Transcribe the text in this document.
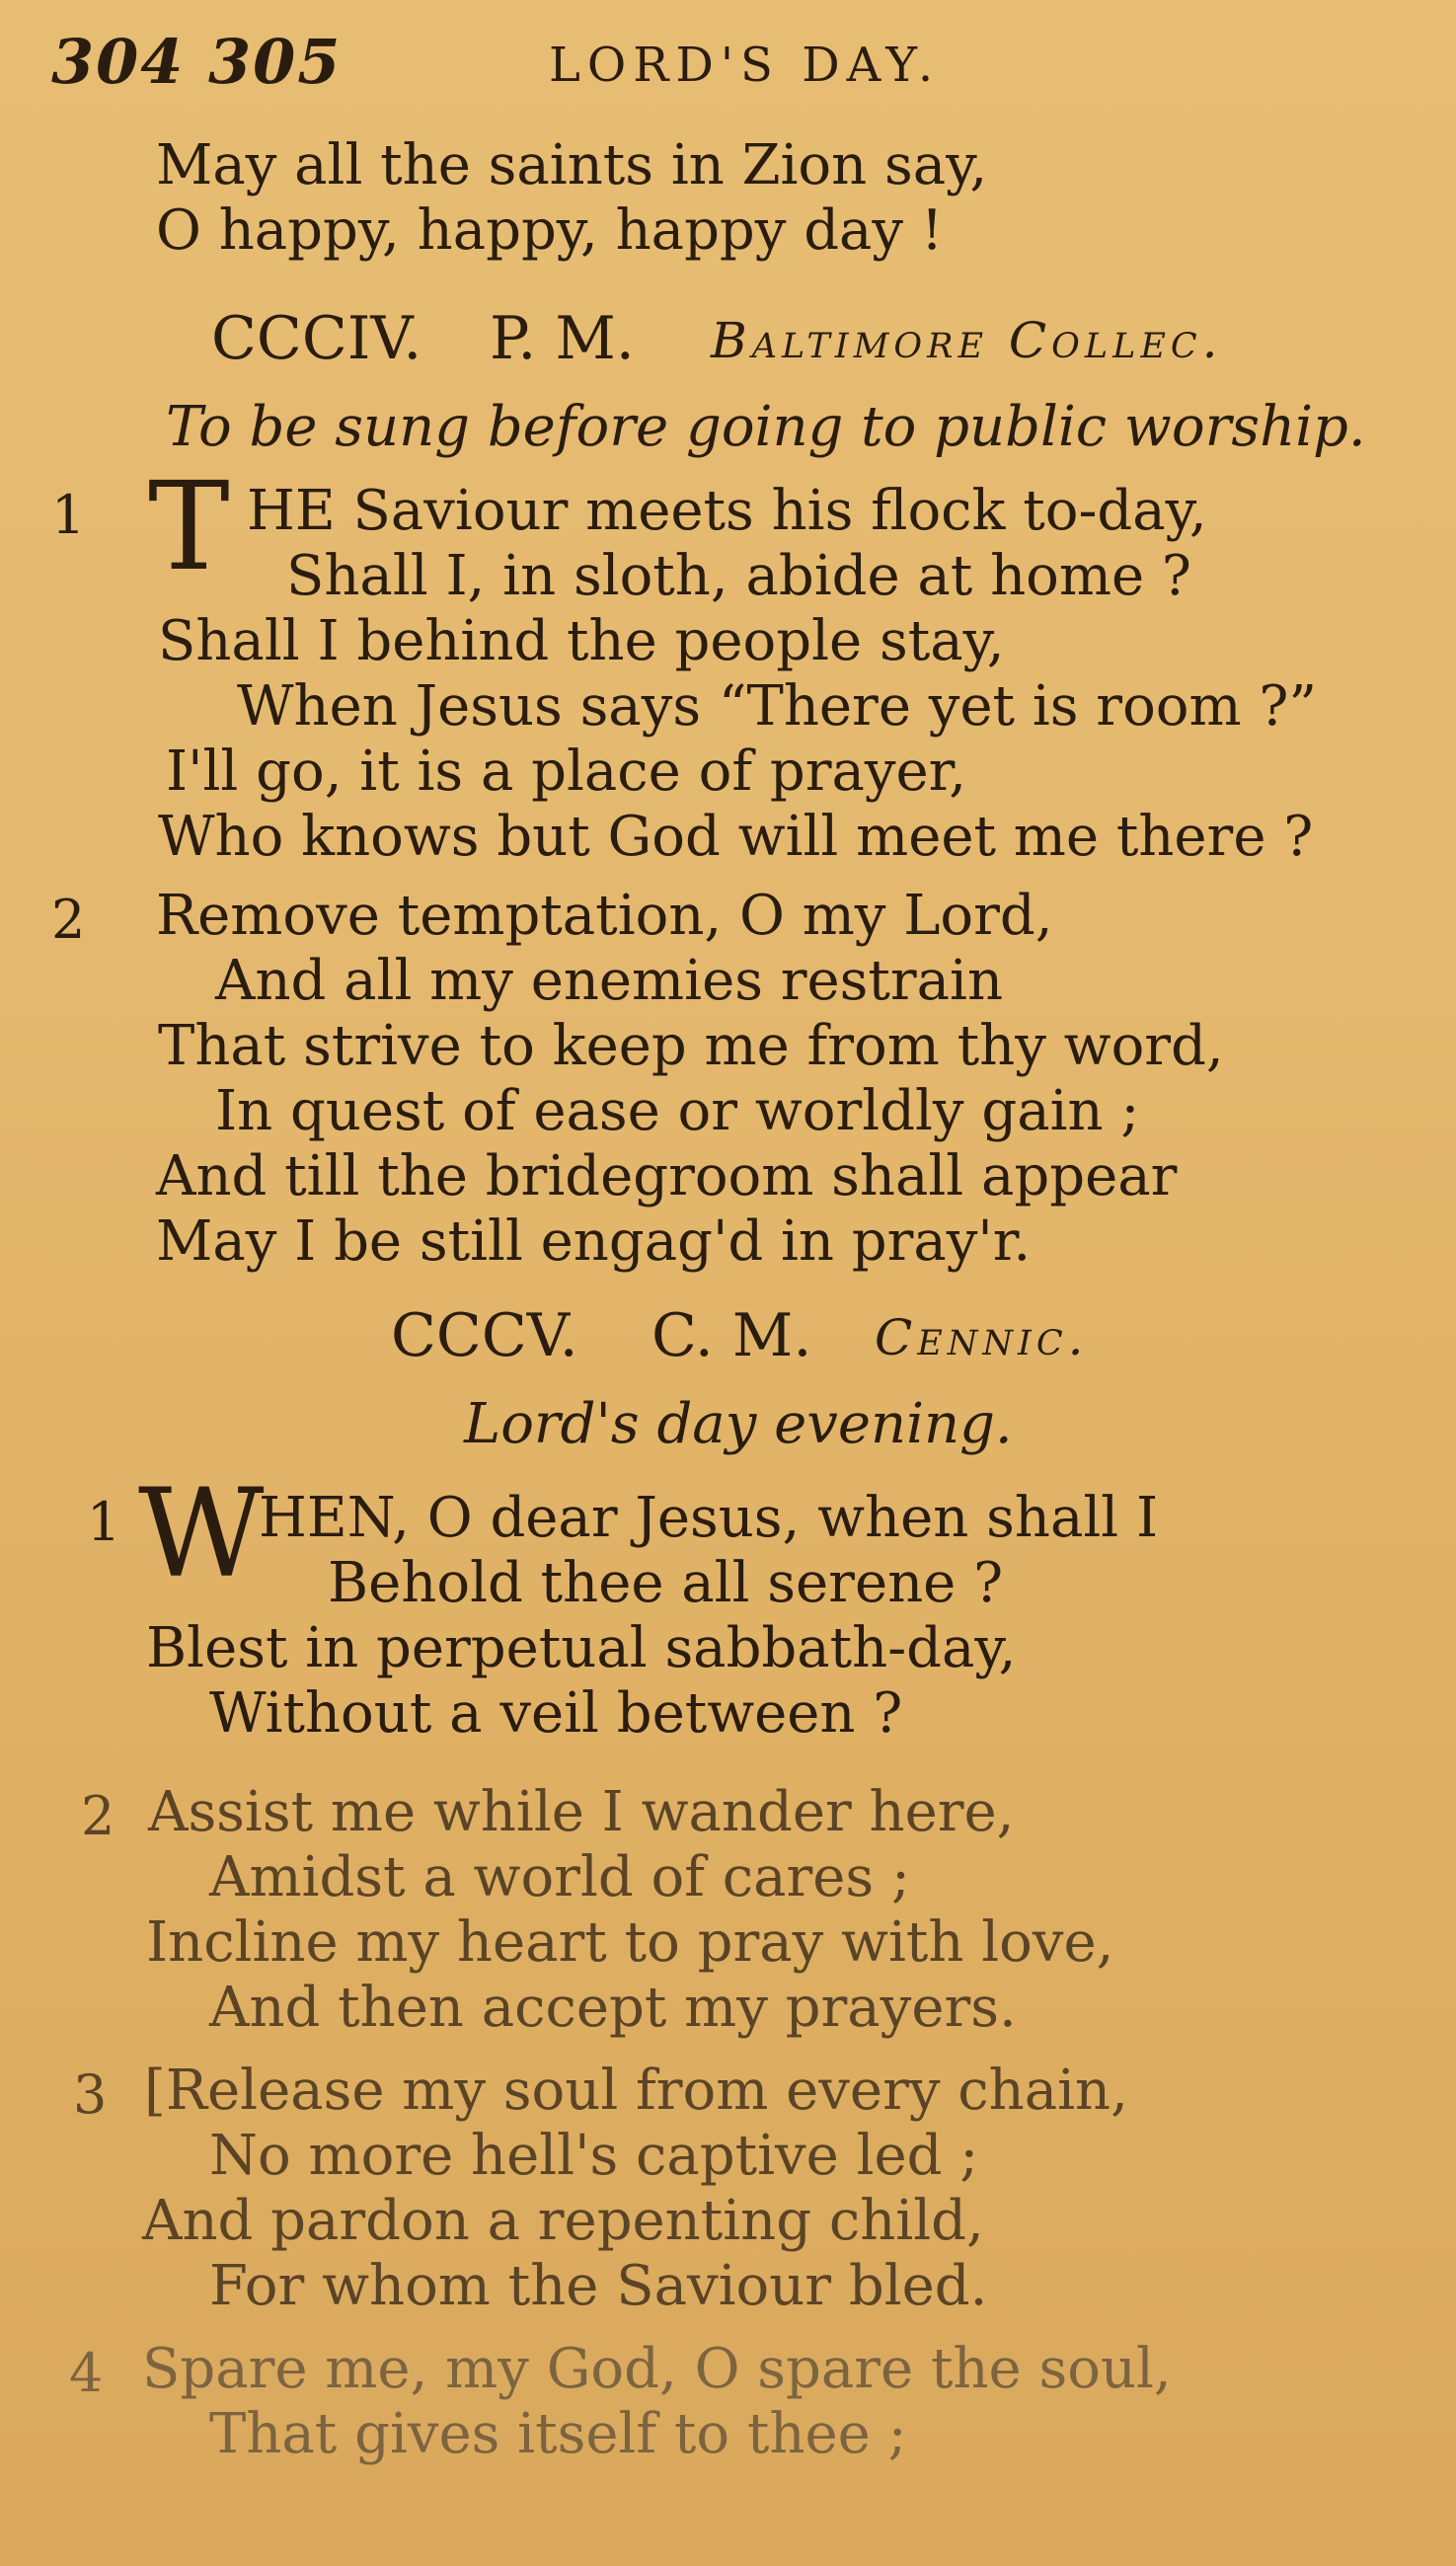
304 305	LORD'S DAY.
May all the saints in Zion say,
O happy, happy, happy day !
CCCIV. P. M. Baltimore Collec.
To be sung before going to public worship.
1 T HE Saviour meets his flock to-day,
Shall I, in sloth, abide at home ?
Shall I behind the people stay,
When Jesus says “There yet is room ?”
I'll go, it is a place of prayer,
Who knows but God will meet me there ?
2 Remove temptation, O my Lord,
And all my enemies restrain
That strive to keep me from thy word,
In quest of ease or worldly gain ;
And till the bridegroom shall appear
May I be still engag'd in pray'r.
CCCV. C. M. Cennic.
Lord's day evening.
1 W
HEN, O dear Jesus, when shall I
Behold thee all serene ?
Blest in perpetual sabbath-day,
Without a veil between ?
2 Assist me while I wander here,
Amidst a world of cares ;
Incline my heart to pray with love,
And then accept my prayers.
3 [Release my soul from every chain,
No more hell's captive led ;
And pardon a repenting child,
For whom the Saviour bled.
4 Spare me, my God, O spare the soul,
That gives itself to thee ;
